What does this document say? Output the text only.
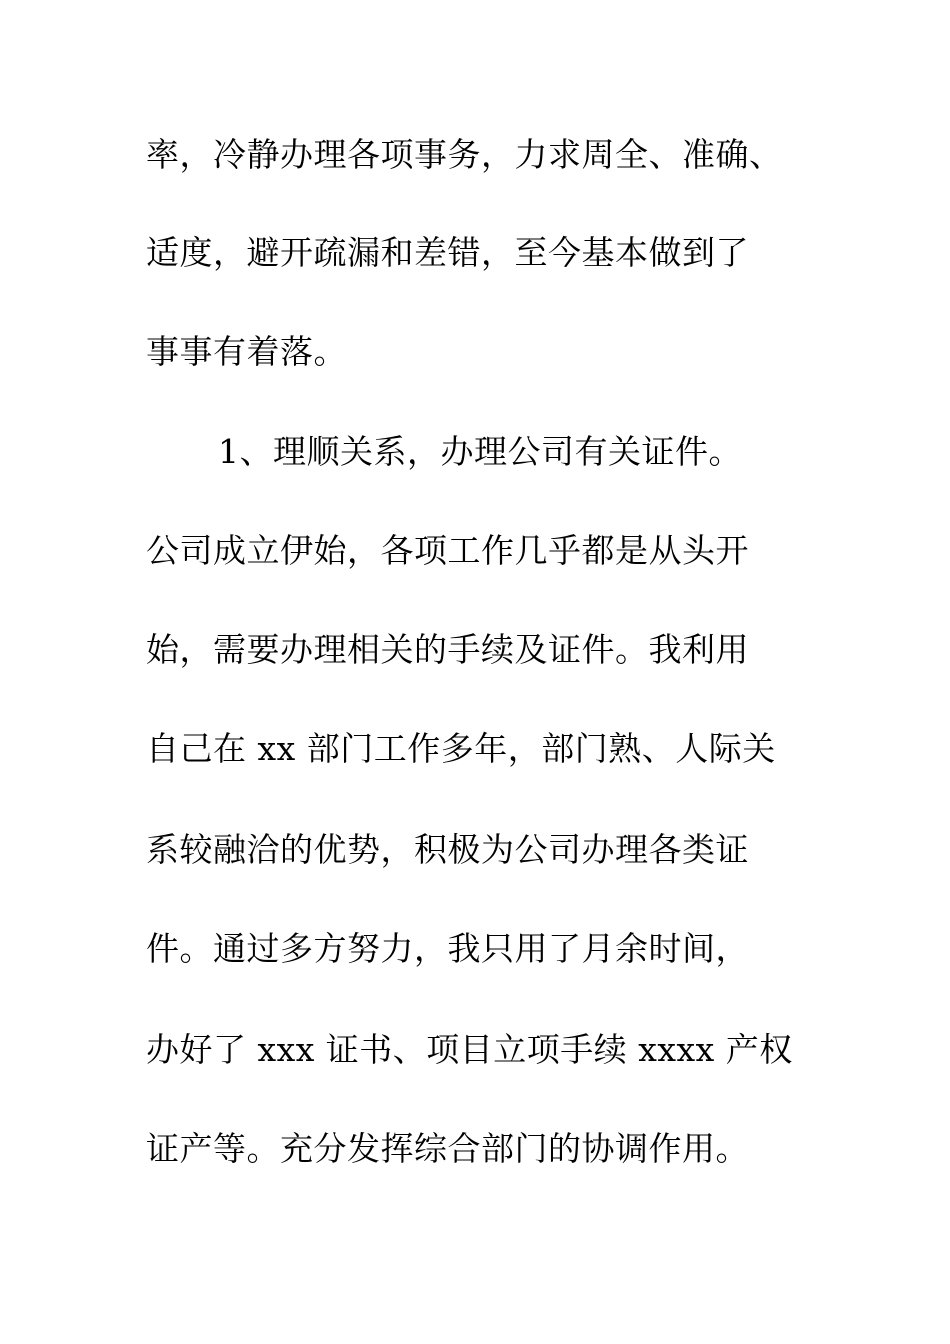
率，冷静办理各项事务，力求周全、准确、
适度，避开疏漏和差错，至今基本做到了
事事有着落。
1、理顺关系，办理公司有关证件。
公司成立伊始，各项工作几乎都是从头开
始，需要办理相关的手续及证件。我利用
自己在 xx 部门工作多年，部门熟、人际关
系较融洽的优势，积极为公司办理各类证
件。通过多方努力，我只用了月余时间，
办好了 xxx 证书、项目立项手续 xxxx 产权
证产等。充分发挥综合部门的协调作用。
